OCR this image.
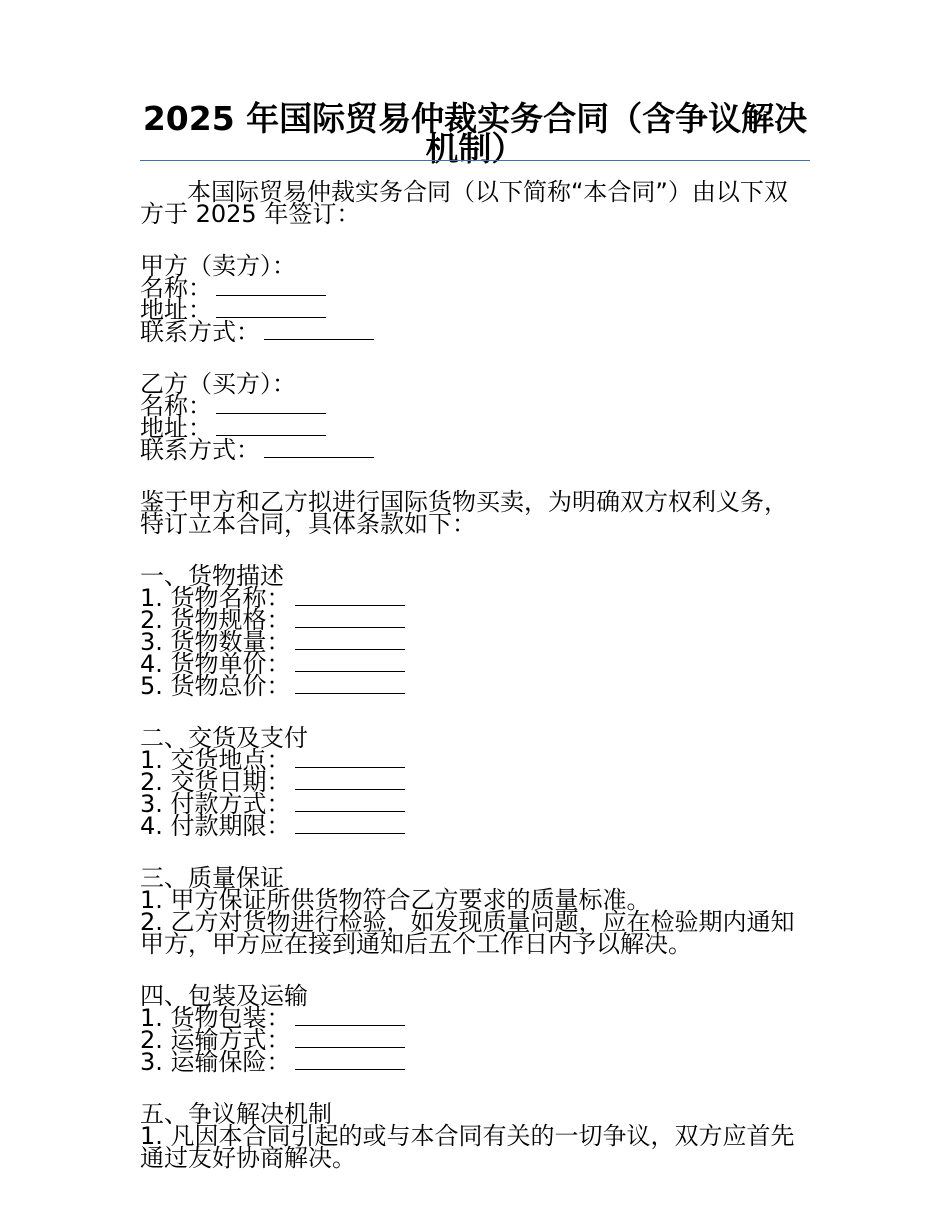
2025 年国际贸易仲裁实务合同（含争议解决机制）

本国际贸易仲裁实务合同（以下简称“本合同”）由以下双方于 2025 年签订：

甲方（卖方）：

名称：

地址：

联系方式：

乙方（买方）：

名称：

地址：

联系方式：

鉴于甲方和乙方拟进行国际货物买卖，为明确双方权利义务，特订立本合同，具体条款如下：

一、货物描述

1. 货物名称：

2. 货物规格：

3. 货物数量：

4. 货物单价：

5. 货物总价：

二、交货及支付

1. 交货地点：

2. 交货日期：

3. 付款方式：

4. 付款期限：

三、质量保证

1. 甲方保证所供货物符合乙方要求的质量标准。

2. 乙方对货物进行检验，如发现质量问题，应在检验期内通知甲方，甲方应在接到通知后五个工作日内予以解决。

四、包装及运输

1. 货物包装：

2. 运输方式：

3. 运输保险：

五、争议解决机制

1. 凡因本合同引起的或与本合同有关的一切争议，双方应首先通过友好协商解决。
